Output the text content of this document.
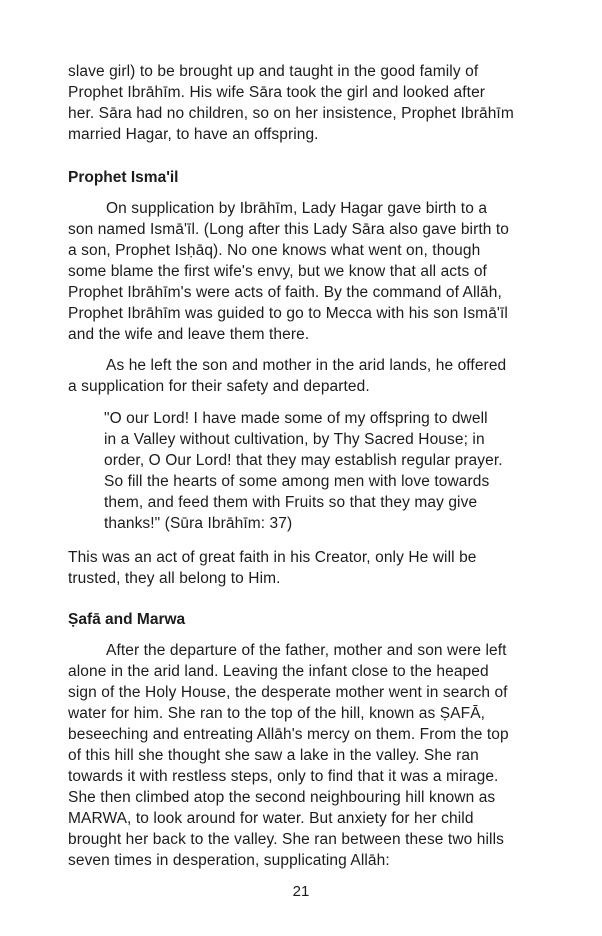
slave girl) to be brought up and taught in the good family of
Prophet Ibrāhīm. His wife Sāra took the girl and looked after
her. Sāra had no children, so on her insistence, Prophet Ibrāhīm
married Hagar, to have an offspring.
Prophet Isma'il
On supplication by Ibrāhīm, Lady Hagar gave birth to a
son named Ismā'īl. (Long after this Lady Sāra also gave birth to
a son, Prophet Isḥāq). No one knows what went on, though
some blame the first wife's envy, but we know that all acts of
Prophet Ibrāhīm's were acts of faith. By the command of Allāh,
Prophet Ibrāhīm was guided to go to Mecca with his son Ismā'īl
and the wife and leave them there.
As he left the son and mother in the arid lands, he offered
a supplication for their safety and departed.
"O our Lord! I have made some of my offspring to dwell
in a Valley without cultivation, by Thy Sacred House; in
order, O Our Lord! that they may establish regular prayer.
So fill the hearts of some among men with love towards
them, and feed them with Fruits so that they may give
thanks!" (Sūra Ibrāhīm: 37)
This was an act of great faith in his Creator, only He will be
trusted, they all belong to Him.
Ṣafā and Marwa
After the departure of the father, mother and son were left
alone in the arid land. Leaving the infant close to the heaped
sign of the Holy House, the desperate mother went in search of
water for him. She ran to the top of the hill, known as ṢAFĀ,
beseeching and entreating Allāh's mercy on them. From the top
of this hill she thought she saw a lake in the valley. She ran
towards it with restless steps, only to find that it was a mirage.
She then climbed atop the second neighbouring hill known as
MARWA, to look around for water. But anxiety for her child
brought her back to the valley. She ran between these two hills
seven times in desperation, supplicating Allāh:
21
